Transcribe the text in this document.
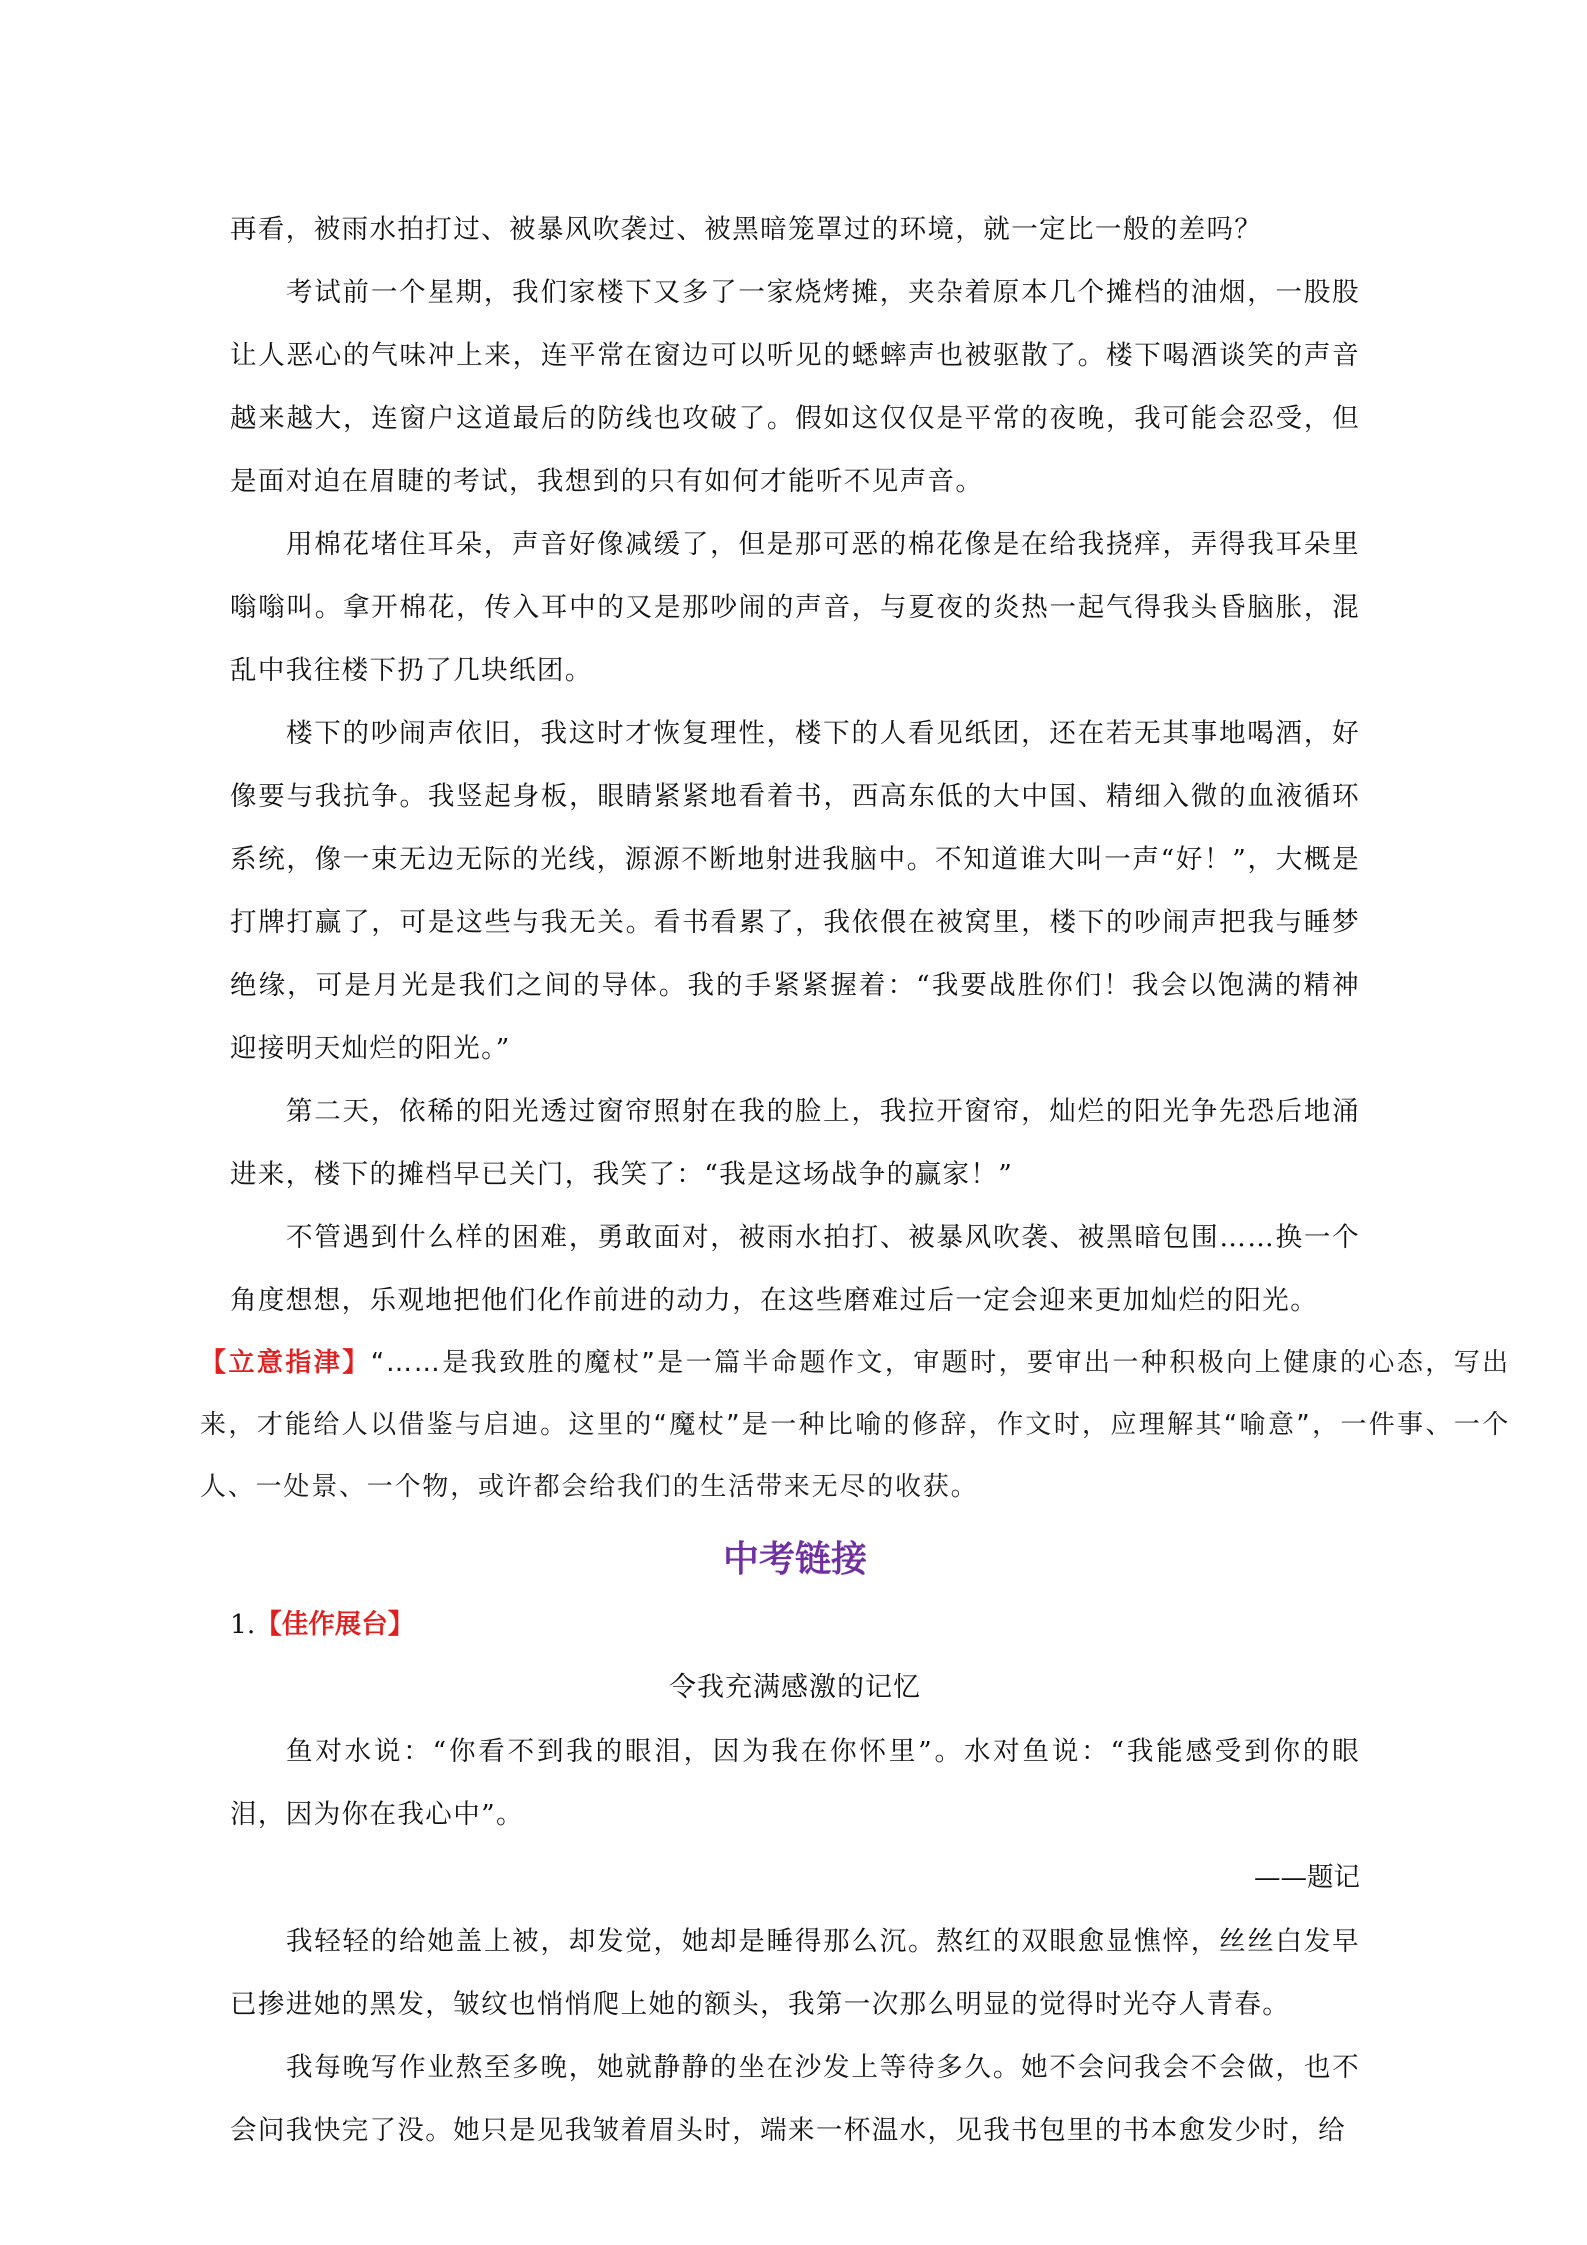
再看，被雨水拍打过、被暴风吹袭过、被黑暗笼罩过的环境，就一定比一般的差吗？

考试前一个星期，我们家楼下又多了一家烧烤摊，夹杂着原本几个摊档的油烟，一股股让人恶心的气味冲上来，连平常在窗边可以听见的蟋蟀声也被驱散了。楼下喝酒谈笑的声音越来越大，连窗户这道最后的防线也攻破了。假如这仅仅是平常的夜晚，我可能会忍受，但是面对迫在眉睫的考试，我想到的只有如何才能听不见声音。

用棉花堵住耳朵，声音好像减缓了，但是那可恶的棉花像是在给我挠痒，弄得我耳朵里嗡嗡叫。拿开棉花，传入耳中的又是那吵闹的声音，与夏夜的炎热一起气得我头昏脑胀，混乱中我往楼下扔了几块纸团。

楼下的吵闹声依旧，我这时才恢复理性，楼下的人看见纸团，还在若无其事地喝酒，好像要与我抗争。我竖起身板，眼睛紧紧地看着书，西高东低的大中国、精细入微的血液循环系统，像一束无边无际的光线，源源不断地射进我脑中。不知道谁大叫一声“好！”，大概是打牌打赢了，可是这些与我无关。看书看累了，我依偎在被窝里，楼下的吵闹声把我与睡梦绝缘，可是月光是我们之间的导体。我的手紧紧握着：“我要战胜你们！我会以饱满的精神迎接明天灿烂的阳光。”

第二天，依稀的阳光透过窗帘照射在我的脸上，我拉开窗帘，灿烂的阳光争先恐后地涌进来，楼下的摊档早已关门，我笑了：“我是这场战争的赢家！”

不管遇到什么样的困难，勇敢面对，被雨水拍打、被暴风吹袭、被黑暗包围……换一个角度想想，乐观地把他们化作前进的动力，在这些磨难过后一定会迎来更加灿烂的阳光。

【立意指津】“……是我致胜的魔杖”是一篇半命题作文，审题时，要审出一种积极向上健康的心态，写出来，才能给人以借鉴与启迪。这里的“魔杖”是一种比喻的修辞，作文时，应理解其“喻意”，一件事、一个人、一处景、一个物，或许都会给我们的生活带来无尽的收获。

中考链接

1.【佳作展台】

令我充满感激的记忆

鱼对水说：“你看不到我的眼泪，因为我在你怀里”。水对鱼说：“我能感受到你的眼泪，因为你在我心中”。

——题记

我轻轻的给她盖上被，却发觉，她却是睡得那么沉。熬红的双眼愈显憔悴，丝丝白发早已掺进她的黑发，皱纹也悄悄爬上她的额头，我第一次那么明显的觉得时光夺人青春。

我每晚写作业熬至多晚，她就静静的坐在沙发上等待多久。她不会问我会不会做，也不会问我快完了没。她只是见我皱着眉头时，端来一杯温水，见我书包里的书本愈发少时，给
